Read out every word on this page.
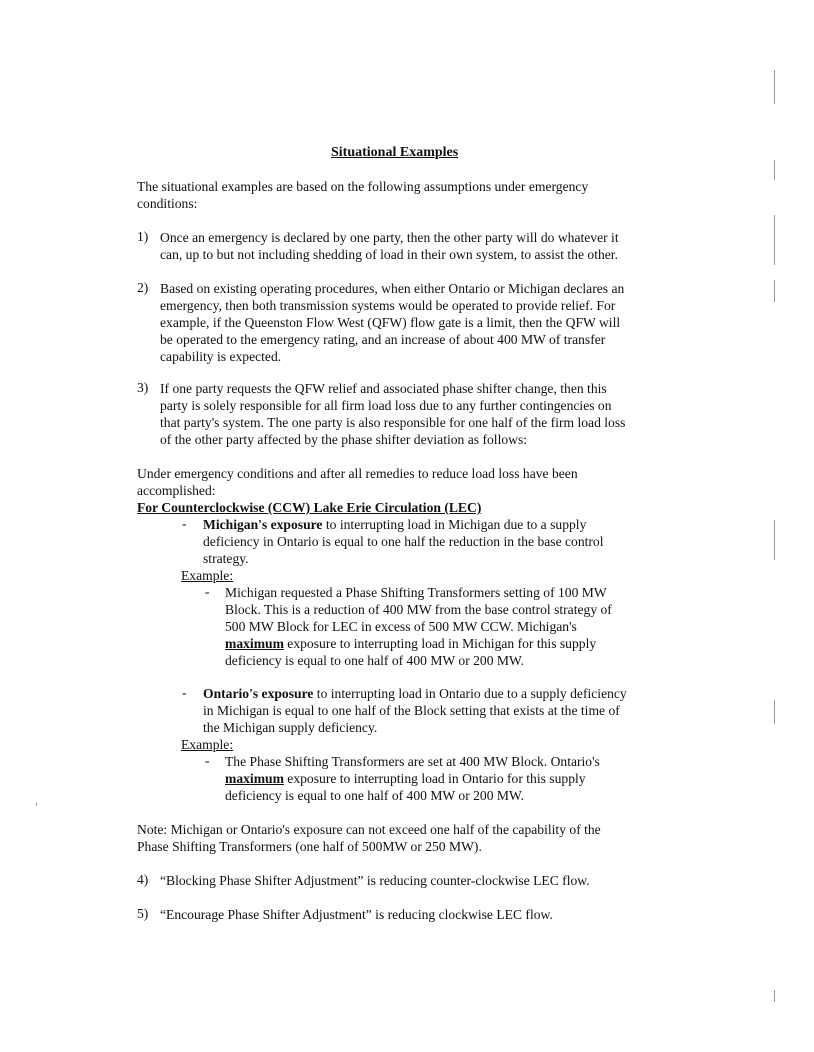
Situational Examples
The situational examples are based on the following assumptions under emergency
conditions:
1) Once an emergency is declared by one party, then the other party will do whatever it
can, up to but not including shedding of load in their own system, to assist the other.
2) Based on existing operating procedures, when either Ontario or Michigan declares an
emergency, then both transmission systems would be operated to provide relief. For
example, if the Queenston Flow West (QFW) flow gate is a limit, then the QFW will
be operated to the emergency rating, and an increase of about 400 MW of transfer
capability is expected.
3) If one party requests the QFW relief and associated phase shifter change, then this
party is solely responsible for all firm load loss due to any further contingencies on
that party's system. The one party is also responsible for one half of the firm load loss
of the other party affected by the phase shifter deviation as follows:
Under emergency conditions and after all remedies to reduce load loss have been
accomplished:
For Counterclockwise (CCW) Lake Erie Circulation (LEC)
- Michigan's exposure to interrupting load in Michigan due to a supply
deficiency in Ontario is equal to one half the reduction in the base control
strategy.
Example:
- Michigan requested a Phase Shifting Transformers setting of 100 MW
Block. This is a reduction of 400 MW from the base control strategy of
500 MW Block for LEC in excess of 500 MW CCW. Michigan's
maximum exposure to interrupting load in Michigan for this supply
deficiency is equal to one half of 400 MW or 200 MW.
- Ontario's exposure to interrupting load in Ontario due to a supply deficiency
in Michigan is equal to one half of the Block setting that exists at the time of
the Michigan supply deficiency.
Example:
- The Phase Shifting Transformers are set at 400 MW Block. Ontario's
maximum exposure to interrupting load in Ontario for this supply
deficiency is equal to one half of 400 MW or 200 MW.
Note: Michigan or Ontario's exposure can not exceed one half of the capability of the
Phase Shifting Transformers (one half of 500MW or 250 MW).
4) “Blocking Phase Shifter Adjustment” is reducing counter-clockwise LEC flow.
5) “Encourage Phase Shifter Adjustment” is reducing clockwise LEC flow.
